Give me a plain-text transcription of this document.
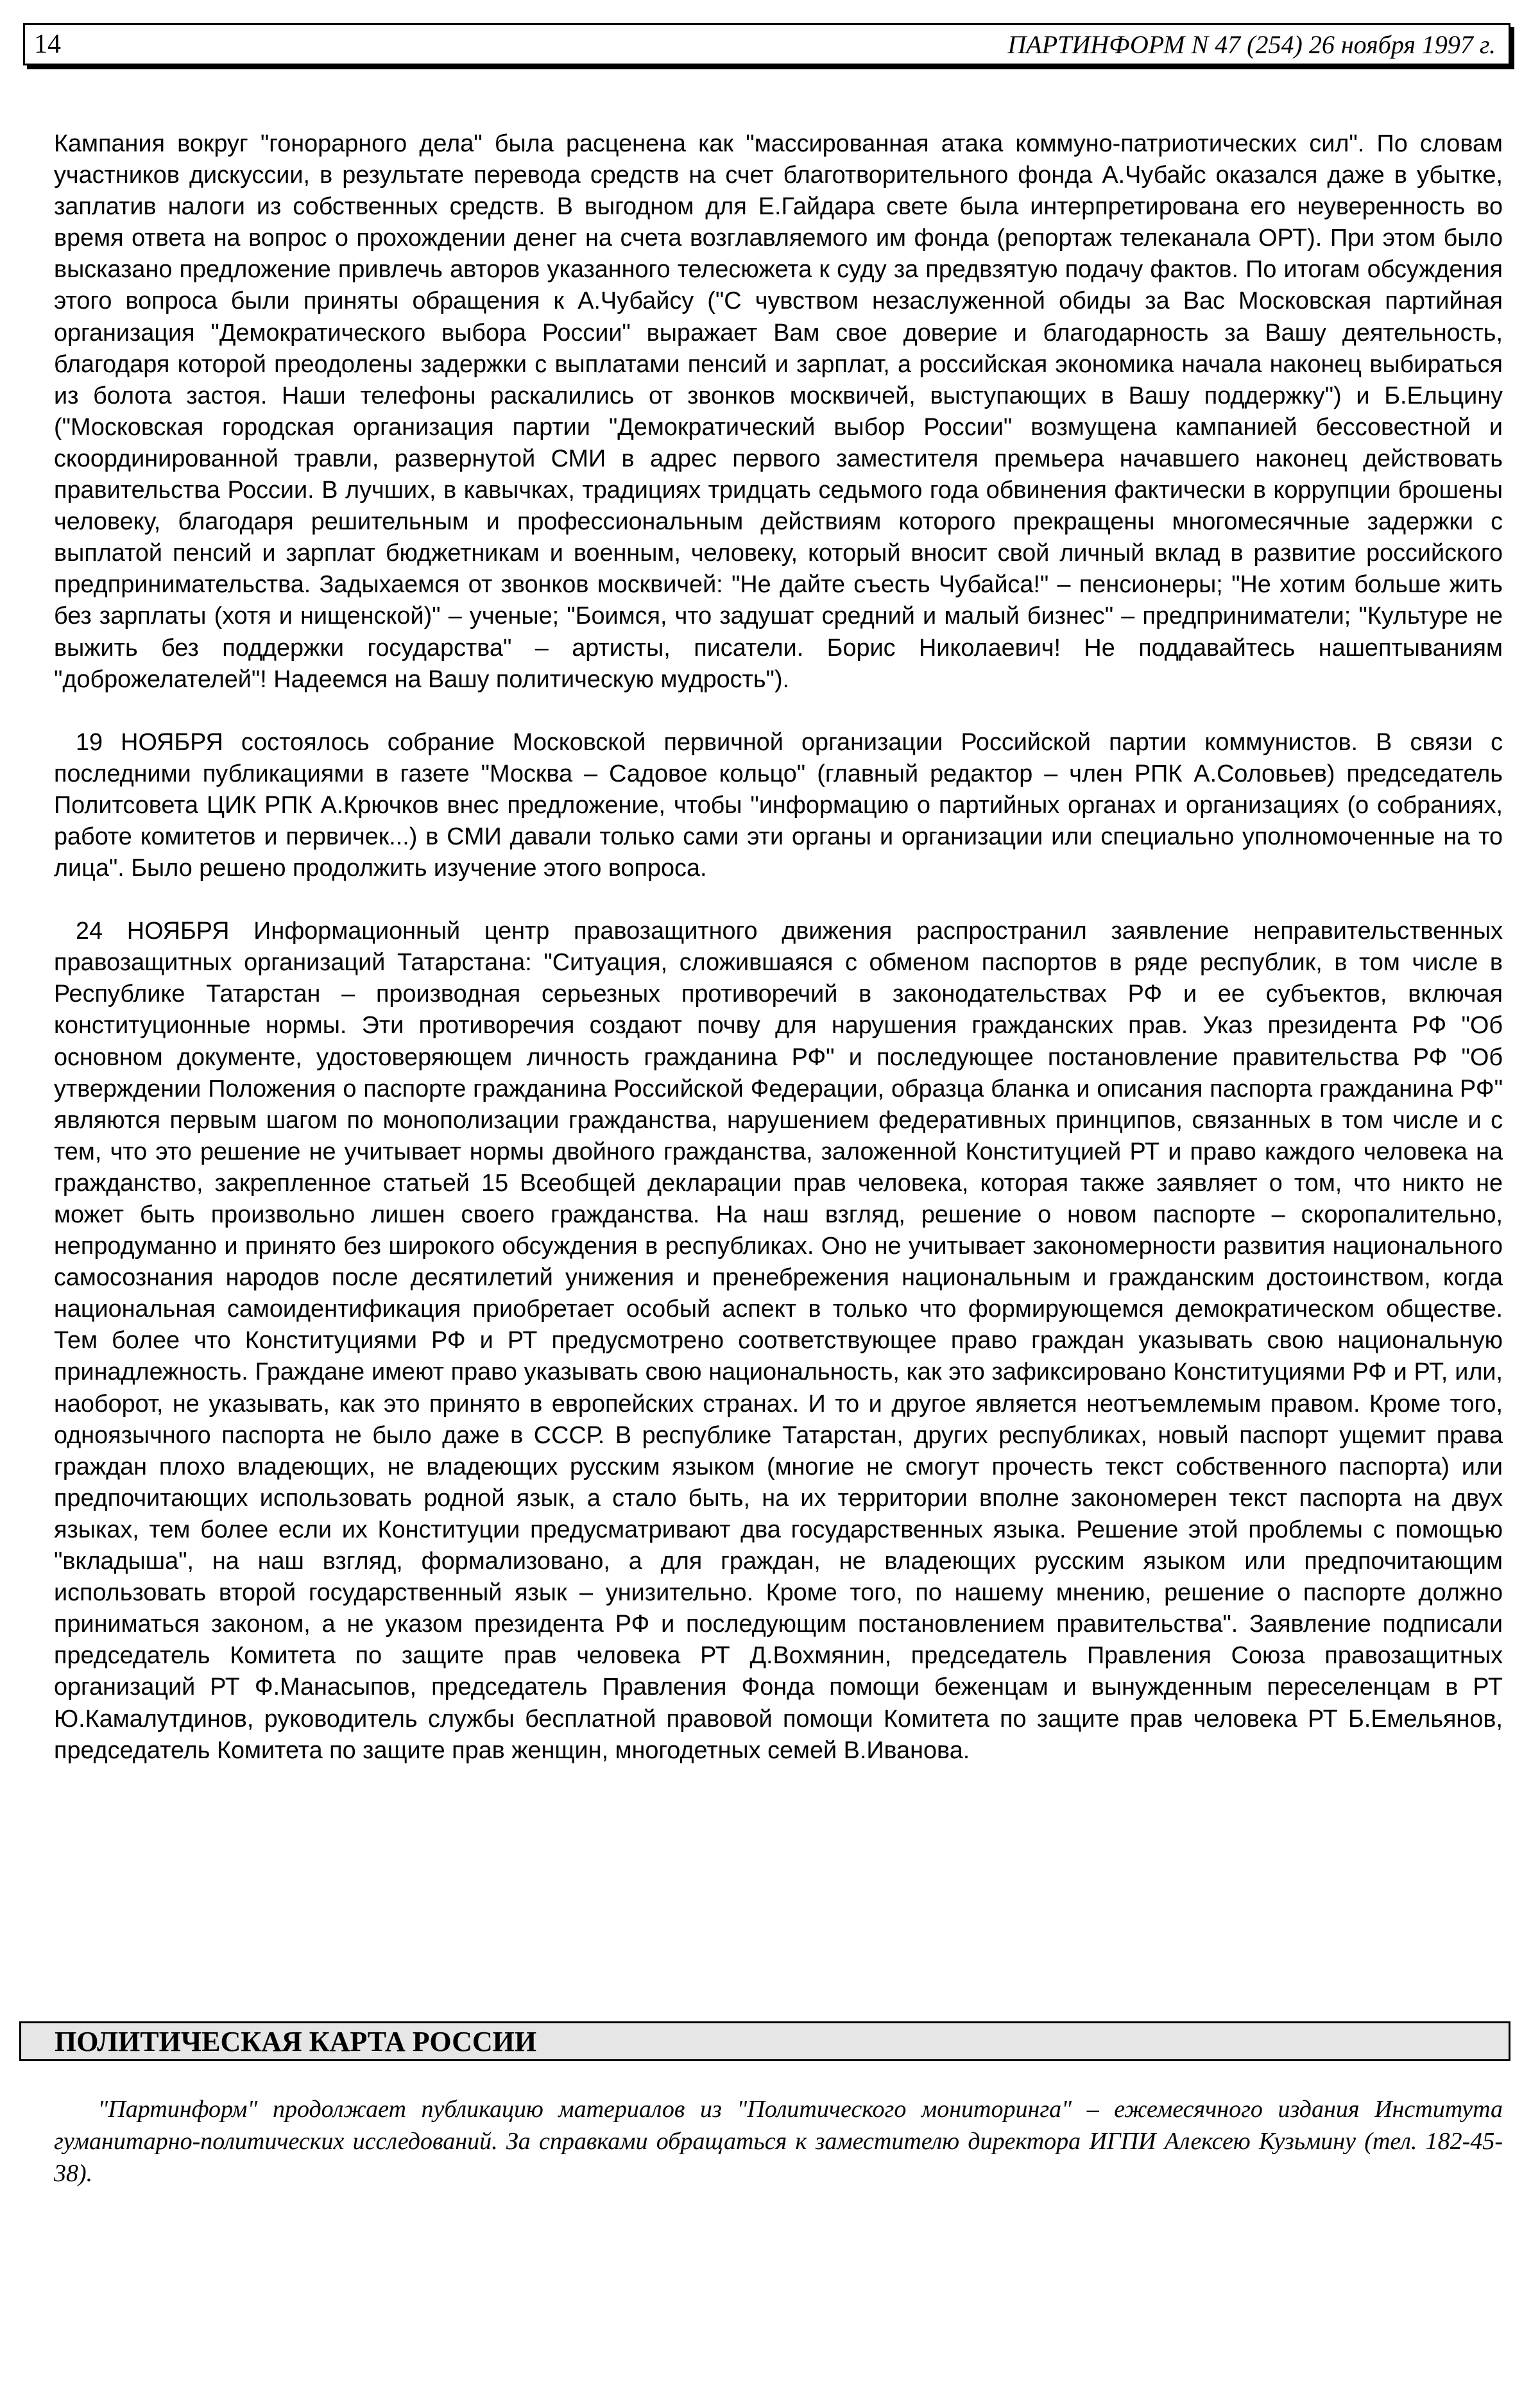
14	ПАРТИНФОРМ N 47 (254) 26 ноября 1997 г.

Кампания вокруг "гонорарного дела" была расценена как "массированная атака коммуно-патриотических сил". По словам участников дискуссии, в результате перевода средств на счет благотворительного фонда А.Чубайс оказался даже в убытке, заплатив налоги из собственных средств. В выгодном для Е.Гайдара свете была интерпретирована его неуверенность во время ответа на вопрос о прохождении денег на счета возглавляемого им фонда (репортаж телеканала ОРТ). При этом было высказано предложение привлечь авторов указанного телесюжета к суду за предвзятую подачу фактов. По итогам обсуждения этого вопроса были приняты обращения к А.Чубайсу ("С чувством незаслуженной обиды за Вас Московская партийная организация "Демократического выбора России" выражает Вам свое доверие и благодарность за Вашу деятельность, благодаря которой преодолены задержки с выплатами пенсий и зарплат, а российская экономика начала наконец выбираться из болота застоя. Наши телефоны раскалились от звонков москвичей, выступающих в Вашу поддержку") и Б.Ельцину ("Московская городская организация партии "Демократический выбор России" возмущена кампанией бессовестной и скоординированной травли, развернутой СМИ в адрес первого заместителя премьера начавшего наконец действовать правительства России. В лучших, в кавычках, традициях тридцать седьмого года обвинения фактически в коррупции брошены человеку, благодаря решительным и профессиональным действиям которого прекращены многомесячные задержки с выплатой пенсий и зарплат бюджетникам и военным, человеку, который вносит свой личный вклад в развитие российского предпринимательства. Задыхаемся от звонков москвичей: "Не дайте съесть Чубайса!" – пенсионеры; "Не хотим больше жить без зарплаты (хотя и нищенской)" – ученые; "Боимся, что задушат средний и малый бизнес" – предприниматели; "Культуре не выжить без поддержки государства" – артисты, писатели. Борис Николаевич! Не поддавайтесь нашептываниям "доброжелателей"! Надеемся на Вашу политическую мудрость").

19 НОЯБРЯ состоялось собрание Московской первичной организации Российской партии коммунистов. В связи с последними публикациями в газете "Москва – Садовое кольцо" (главный редактор – член РПК А.Соловьев) председатель Политсовета ЦИК РПК А.Крючков внес предложение, чтобы "информацию о партийных органах и организациях (о собраниях, работе комитетов и первичек...) в СМИ давали только сами эти органы и организации или специально уполномоченные на то лица". Было решено продолжить изучение этого вопроса.

24 НОЯБРЯ Информационный центр правозащитного движения распространил заявление неправительственных правозащитных организаций Татарстана: "Ситуация, сложившаяся с обменом паспортов в ряде республик, в том числе в Республике Татарстан – производная серьезных противоречий в законодательствах РФ и ее субъектов, включая конституционные нормы. Эти противоречия создают почву для нарушения гражданских прав. Указ президента РФ "Об основном документе, удостоверяющем личность гражданина РФ" и последующее постановление правительства РФ "Об утверждении Положения о паспорте гражданина Российской Федерации, образца бланка и описания паспорта гражданина РФ" являются первым шагом по монополизации гражданства, нарушением федеративных принципов, связанных в том числе и с тем, что это решение не учитывает нормы двойного гражданства, заложенной Конституцией РТ и право каждого человека на гражданство, закрепленное статьей 15 Всеобщей декларации прав человека, которая также заявляет о том, что никто не может быть произвольно лишен своего гражданства. На наш взгляд, решение о новом паспорте – скоропалительно, непродуманно и принято без широкого обсуждения в республиках. Оно не учитывает закономерности развития национального самосознания народов после десятилетий унижения и пренебрежения национальным и гражданским достоинством, когда национальная самоидентификация приобретает особый аспект в только что формирующемся демократическом обществе. Тем более что Конституциями РФ и РТ предусмотрено соответствующее право граждан указывать свою национальную принадлежность. Граждане имеют право указывать свою национальность, как это зафиксировано Конституциями РФ и РТ, или, наоборот, не указывать, как это принято в европейских странах. И то и другое является неотъемлемым правом. Кроме того, одноязычного паспорта не было даже в СССР. В республике Татарстан, других республиках, новый паспорт ущемит права граждан плохо владеющих, не владеющих русским языком (многие не смогут прочесть текст собственного паспорта) или предпочитающих использовать родной язык, а стало быть, на их территории вполне закономерен текст паспорта на двух языках, тем более если их Конституции предусматривают два государственных языка. Решение этой проблемы с помощью "вкладыша", на наш взгляд, формализовано, а для граждан, не владеющих русским языком или предпочитающим использовать второй государственный язык – унизительно. Кроме того, по нашему мнению, решение о паспорте должно приниматься законом, а не указом президента РФ и последующим постановлением правительства". Заявление подписали председатель Комитета по защите прав человека РТ Д.Вохмянин, председатель Правления Союза правозащитных организаций РТ Ф.Манасыпов, председатель Правления Фонда помощи беженцам и вынужденным переселенцам в РТ Ю.Камалутдинов, руководитель службы бесплатной правовой помощи Комитета по защите прав человека РТ Б.Емельянов, председатель Комитета по защите прав женщин, многодетных семей В.Иванова.

ПОЛИТИЧЕСКАЯ КАРТА РОССИИ
"Партинформ" продолжает публикацию материалов из "Политического мониторинга" – ежемесячного издания Института гуманитарно-политических исследований. За справками обращаться к заместителю директора ИГПИ Алексею Кузьмину (тел. 182-45-38).
